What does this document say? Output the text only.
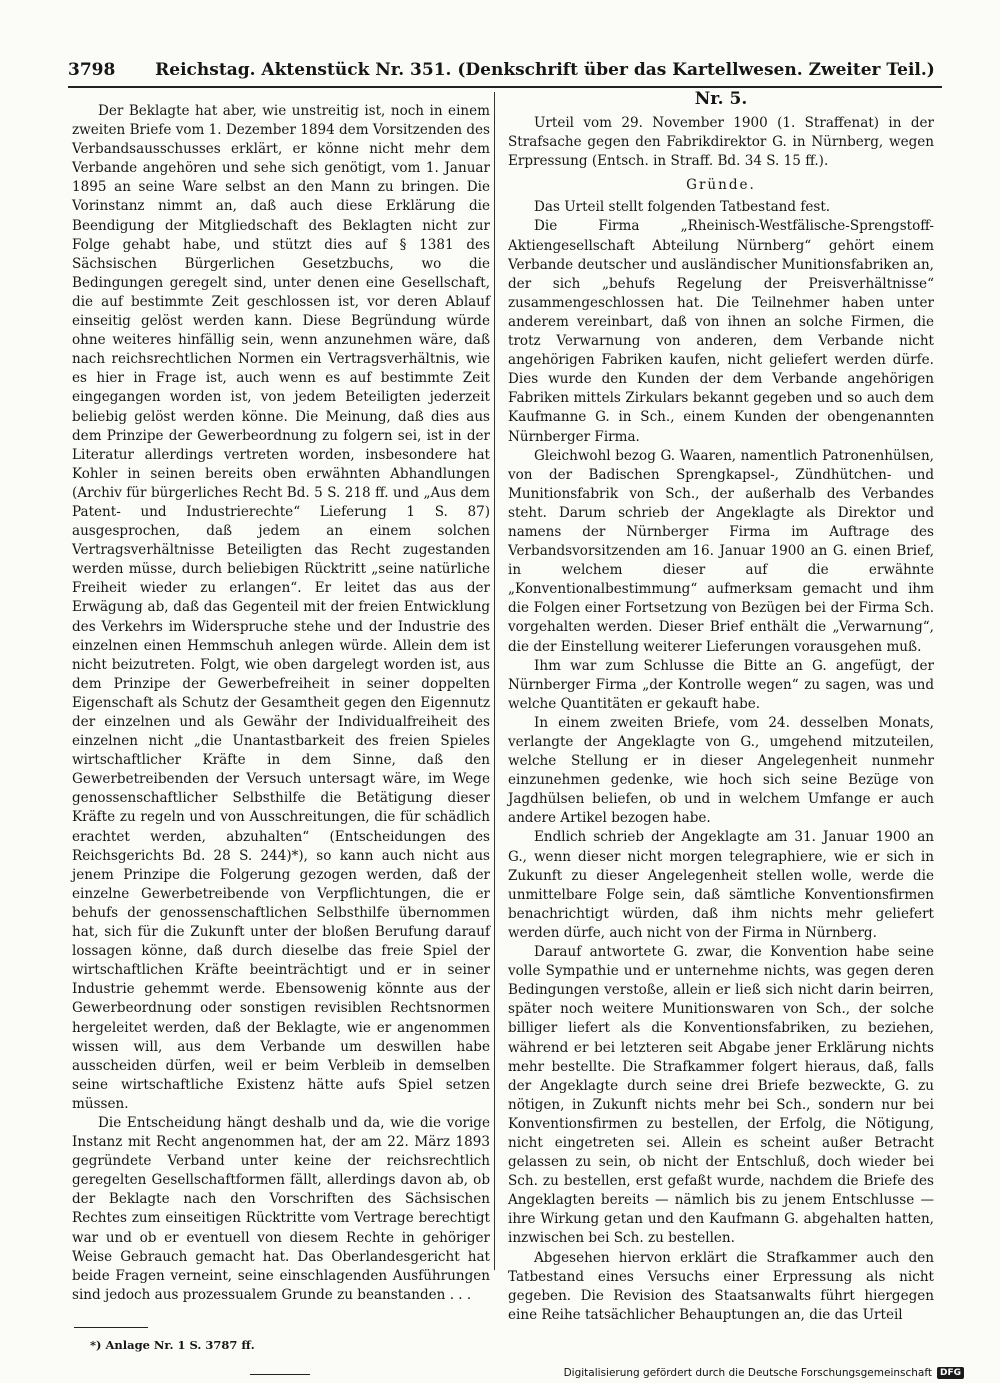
3798	Reichstag. Aktenstück Nr. 351. (Denkschrift über das Kartellwesen. Zweiter Teil.)

Der Beklagte hat aber, wie unstreitig ist, noch in einem zweiten Briefe vom 1. Dezember 1894 dem Vorsitzenden des Verbandsausschusses erklärt, er könne nicht mehr dem Verbande angehören und sehe sich genötigt, vom 1. Januar 1895 an seine Ware selbst an den Mann zu bringen. Die Vorinstanz nimmt an, daß auch diese Erklärung die Beendigung der Mitgliedschaft des Beklagten nicht zur Folge gehabt habe, und stützt dies auf § 1381 des Sächsischen Bürgerlichen Gesetzbuchs, wo die Bedingungen geregelt sind, unter denen eine Gesellschaft, die auf bestimmte Zeit geschlossen ist, vor deren Ablauf einseitig gelöst werden kann. Diese Begründung würde ohne weiteres hinfällig sein, wenn anzunehmen wäre, daß nach reichsrechtlichen Normen ein Vertragsverhältnis, wie es hier in Frage ist, auch wenn es auf bestimmte Zeit eingegangen worden ist, von jedem Beteiligten jederzeit beliebig gelöst werden könne. Die Meinung, daß dies aus dem Prinzipe der Gewerbeordnung zu folgern sei, ist in der Literatur allerdings vertreten worden, insbesondere hat Kohler in seinen bereits oben erwähnten Abhandlungen (Archiv für bürgerliches Recht Bd. 5 S. 218 ff. und „Aus dem Patent- und Industrierechte“ Lieferung 1 S. 87) ausgesprochen, daß jedem an einem solchen Vertragsverhältnisse Beteiligten das Recht zugestanden werden müsse, durch beliebigen Rücktritt „seine natürliche Freiheit wieder zu erlangen“. Er leitet das aus der Erwägung ab, daß das Gegenteil mit der freien Entwicklung des Verkehrs im Widerspruche stehe und der Industrie des einzelnen einen Hemmschuh anlegen würde. Allein dem ist nicht beizutreten. Folgt, wie oben dargelegt worden ist, aus dem Prinzipe der Gewerbefreiheit in seiner doppelten Eigenschaft als Schutz der Gesamtheit gegen den Eigennutz der einzelnen und als Gewähr der Individualfreiheit des einzelnen nicht „die Unantastbarkeit des freien Spieles wirtschaftlicher Kräfte in dem Sinne, daß den Gewerbetreibenden der Versuch untersagt wäre, im Wege genossenschaftlicher Selbsthilfe die Betätigung dieser Kräfte zu regeln und von Ausschreitungen, die für schädlich erachtet werden, abzuhalten“ (Entscheidungen des Reichsgerichts Bd. 28 S. 244)*), so kann auch nicht aus jenem Prinzipe die Folgerung gezogen werden, daß der einzelne Gewerbetreibende von Verpflichtungen, die er behufs der genossenschaftlichen Selbsthilfe übernommen hat, sich für die Zukunft unter der bloßen Berufung darauf lossagen könne, daß durch dieselbe das freie Spiel der wirtschaftlichen Kräfte beeinträchtigt und er in seiner Industrie gehemmt werde. Ebensowenig könnte aus der Gewerbeordnung oder sonstigen revisiblen Rechtsnormen hergeleitet werden, daß der Beklagte, wie er angenommen wissen will, aus dem Verbande um deswillen habe ausscheiden dürfen, weil er beim Verbleib in demselben seine wirtschaftliche Existenz hätte aufs Spiel setzen müssen.

Die Entscheidung hängt deshalb und da, wie die vorige Instanz mit Recht angenommen hat, der am 22. März 1893 gegründete Verband unter keine der reichsrechtlich geregelten Gesellschaftformen fällt, allerdings davon ab, ob der Beklagte nach den Vorschriften des Sächsischen Rechtes zum einseitigen Rücktritte vom Vertrage berechtigt war und ob er eventuell von diesem Rechte in gehöriger Weise Gebrauch gemacht hat. Das Oberlandesgericht hat beide Fragen verneint, seine einschlagenden Ausführungen sind jedoch aus prozessualem Grunde zu beanstanden . . .

*) Anlage Nr. 1 S. 3787 ff.
Nr. 5.

Urteil vom 29. November 1900 (1. Straffenat) in der Strafsache gegen den Fabrikdirektor G. in Nürnberg, wegen Erpressung (Entsch. in Straff. Bd. 34 S. 15 ff.).

Gründe.

Das Urteil stellt folgenden Tatbestand fest.

Die Firma „Rheinisch-Westfälische-Sprengstoff-Aktiengesellschaft Abteilung Nürnberg“ gehört einem Verbande deutscher und ausländischer Munitionsfabriken an, der sich „behufs Regelung der Preisverhältnisse“ zusammengeschlossen hat. Die Teilnehmer haben unter anderem vereinbart, daß von ihnen an solche Firmen, die trotz Verwarnung von anderen, dem Verbande nicht angehörigen Fabriken kaufen, nicht geliefert werden dürfe. Dies wurde den Kunden der dem Verbande angehörigen Fabriken mittels Zirkulars bekannt gegeben und so auch dem Kaufmanne G. in Sch., einem Kunden der obengenannten Nürnberger Firma.

Gleichwohl bezog G. Waaren, namentlich Patronenhülsen, von der Badischen Sprengkapsel-, Zündhütchen- und Munitionsfabrik von Sch., der außerhalb des Verbandes steht. Darum schrieb der Angeklagte als Direktor und namens der Nürnberger Firma im Auftrage des Verbandsvorsitzenden am 16. Januar 1900 an G. einen Brief, in welchem dieser auf die erwähnte „Konventionalbestimmung“ aufmerksam gemacht und ihm die Folgen einer Fortsetzung von Bezügen bei der Firma Sch. vorgehalten werden. Dieser Brief enthält die „Verwarnung“, die der Einstellung weiterer Lieferungen vorausgehen muß.

Ihm war zum Schlusse die Bitte an G. angefügt, der Nürnberger Firma „der Kontrolle wegen“ zu sagen, was und welche Quantitäten er gekauft habe.

In einem zweiten Briefe, vom 24. desselben Monats, verlangte der Angeklagte von G., umgehend mitzuteilen, welche Stellung er in dieser Angelegenheit nunmehr einzunehmen gedenke, wie hoch sich seine Bezüge von Jagdhülsen beliefen, ob und in welchem Umfange er auch andere Artikel bezogen habe.

Endlich schrieb der Angeklagte am 31. Januar 1900 an G., wenn dieser nicht morgen telegraphiere, wie er sich in Zukunft zu dieser Angelegenheit stellen wolle, werde die unmittelbare Folge sein, daß sämtliche Konventionsfirmen benachrichtigt würden, daß ihm nichts mehr geliefert werden dürfe, auch nicht von der Firma in Nürnberg.

Darauf antwortete G. zwar, die Konvention habe seine volle Sympathie und er unternehme nichts, was gegen deren Bedingungen verstoße, allein er ließ sich nicht darin beirren, später noch weitere Munitionswaren von Sch., der solche billiger liefert als die Konventionsfabriken, zu beziehen, während er bei letzteren seit Abgabe jener Erklärung nichts mehr bestellte. Die Strafkammer folgert hieraus, daß, falls der Angeklagte durch seine drei Briefe bezweckte, G. zu nötigen, in Zukunft nichts mehr bei Sch., sondern nur bei Konventionsfirmen zu bestellen, der Erfolg, die Nötigung, nicht eingetreten sei. Allein es scheint außer Betracht gelassen zu sein, ob nicht der Entschluß, doch wieder bei Sch. zu bestellen, erst gefaßt wurde, nachdem die Briefe des Angeklagten bereits — nämlich bis zu jenem Entschlusse — ihre Wirkung getan und den Kaufmann G. abgehalten hatten, inzwischen bei Sch. zu bestellen.

Abgesehen hiervon erklärt die Strafkammer auch den Tatbestand eines Versuchs einer Erpressung als nicht gegeben. Die Revision des Staatsanwalts führt hiergegen eine Reihe tatsächlicher Behauptungen an, die das Urteil

Digitalisierung gefördert durch die Deutsche Forschungsgemeinschaft DFG
